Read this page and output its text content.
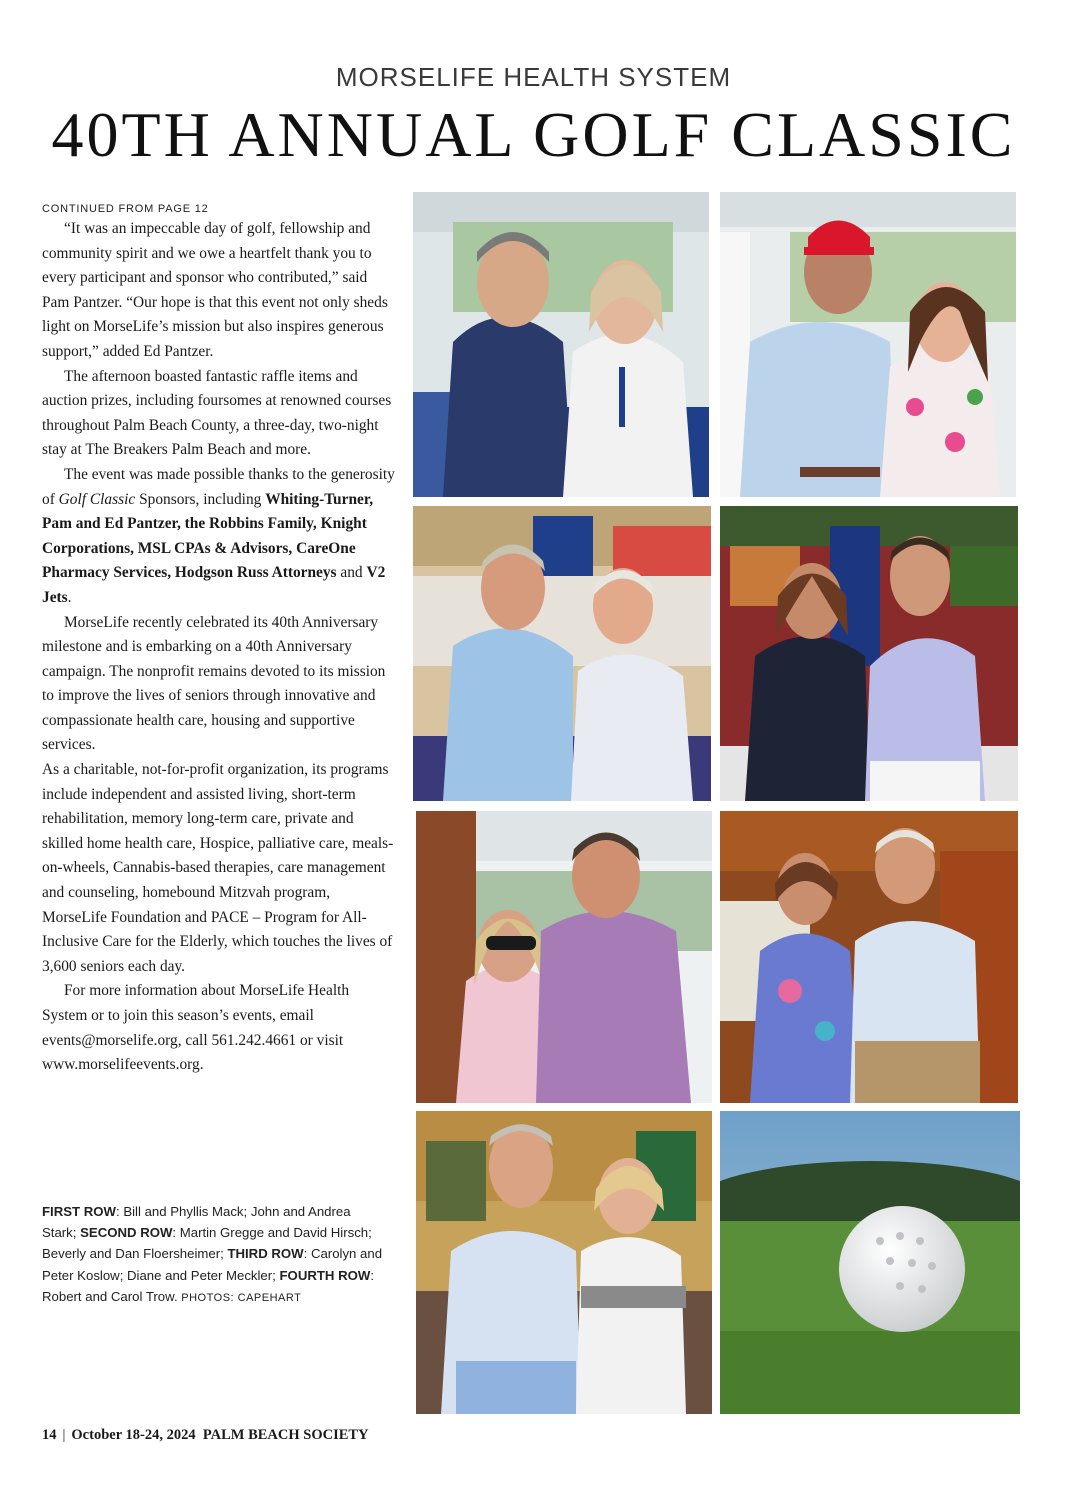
MORSELIFE HEALTH SYSTEM
40TH ANNUAL GOLF CLASSIC
CONTINUED FROM PAGE 12

“It was an impeccable day of golf, fellowship and community spirit and we owe a heartfelt thank you to every participant and sponsor who contributed,” said Pam Pantzer. “Our hope is that this event not only sheds light on MorseLife’s mission but also inspires generous support,” added Ed Pantzer.

The afternoon boasted fantastic raffle items and auction prizes, including foursomes at renowned courses throughout Palm Beach County, a three-day, two-night stay at The Breakers Palm Beach and more.

The event was made possible thanks to the generosity of Golf Classic Sponsors, including Whiting-Turner, Pam and Ed Pantzer, the Robbins Family, Knight Corporations, MSL CPAs & Advisors, CareOne Pharmacy Services, Hodgson Russ Attorneys and V2 Jets.

MorseLife recently celebrated its 40th Anniversary milestone and is embarking on a 40th Anniversary campaign. The nonprofit remains devoted to its mission to improve the lives of seniors through innovative and compassionate health care, housing and supportive services.

As a charitable, not-for-profit organization, its programs include independent and assisted living, short-term rehabilitation, memory long-term care, private and skilled home health care, Hospice, palliative care, meals-on-wheels, Cannabis-based therapies, care management and counseling, homebound Mitzvah program, MorseLife Foundation and PACE – Program for All-Inclusive Care for the Elderly, which touches the lives of 3,600 seniors each day.

For more information about MorseLife Health System or to join this season’s events, email events@morselife.org, call 561.242.4661 or visit www.morselifeevents.org.

FIRST ROW: Bill and Phyllis Mack; John and Andrea Stark; SECOND ROW: Martin Gregge and David Hirsch; Beverly and Dan Floersheimer; THIRD ROW: Carolyn and Peter Koslow; Diane and Peter Meckler; FOURTH ROW: Robert and Carol Trow. PHOTOS: CAPEHART
14 | October 18-24, 2024 PALM BEACH SOCIETY
